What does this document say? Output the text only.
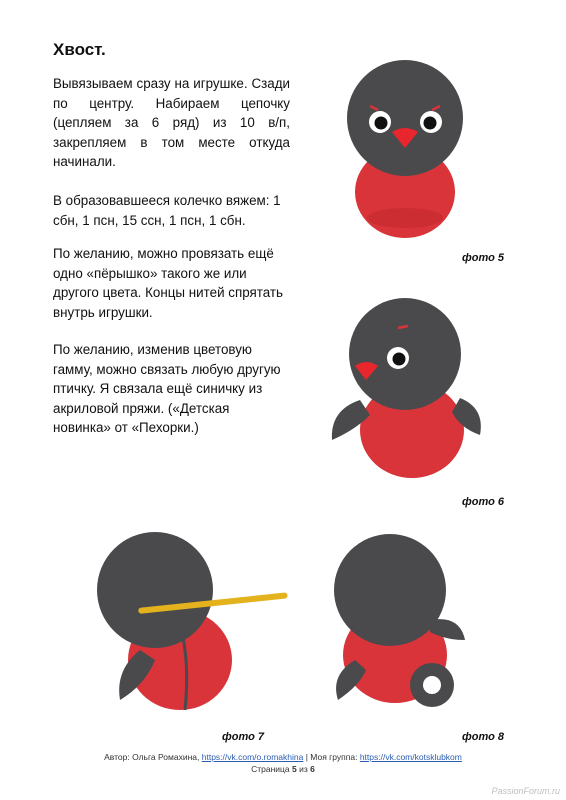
Хвост.

Вывязываем сразу на игрушке. Сзади по центру. Набираем цепочку (цепляем за 6 ряд) из 10 в/п, закрепляем в том месте откуда начинали.

В образовавшееся колечко вяжем: 1 сбн, 1 псн, 15 ссн, 1 псн, 1 сбн.

По желанию, можно провязать ещё одно «пёрышко» такого же или другого цвета. Концы нитей спрятать внутрь игрушки.

По желанию, изменив цветовую гамму, можно связать любую другую птичку. Я связала ещё синичку из акриловой пряжи. («Детская новинка» от «Пехорки.)

фото 5
фото 6
фото 7	фото 8
Автор: Ольга Ромахина, https://vk.com/o.romakhina | Моя группа: https://vk.com/kotsklubkom
Страница 5 из 6
PassionForum.ru
